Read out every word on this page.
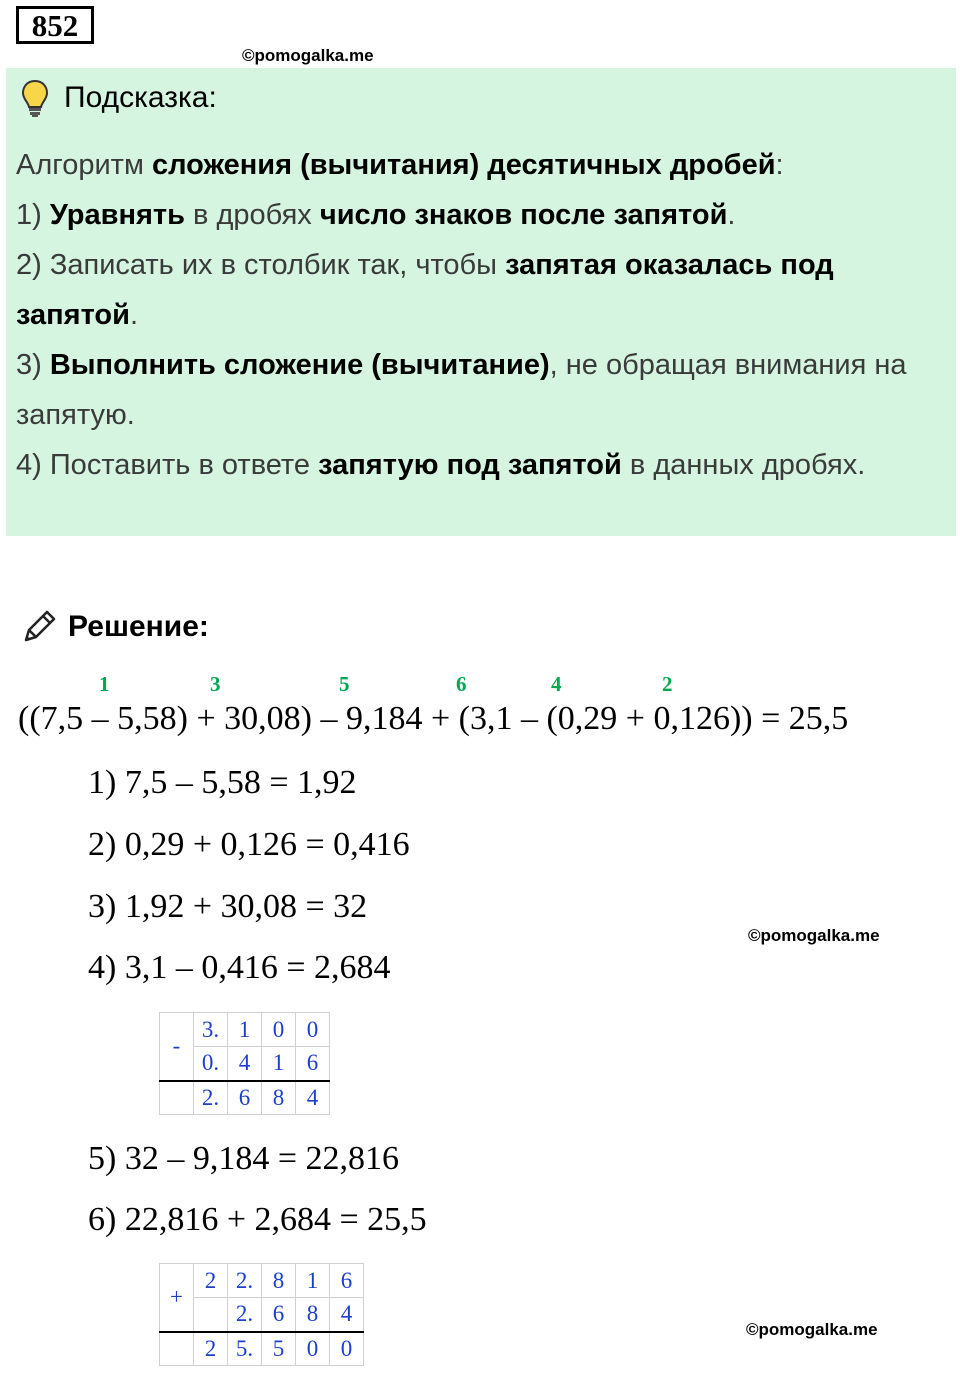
852
©pomogalka.me
Подсказка:

Алгоритм сложения (вычитания) десятичных дробей:

1) Уравнять в дробях число знаков после запятой.

2) Записать их в столбик так, чтобы запятая оказалась под запятой.

3) Выполнить сложение (вычитание), не обращая внимания на запятую.

4) Поставить в ответе запятую под запятой в данных дробях.

Решение:
1	3	5	6	4	2
((7,5 – 5,58) + 30,08) – 9,184 + (3,1 – (0,29 + 0,126)) = 25,5
1) 7,5 – 5,58 = 1,92
2) 0,29 + 0,126 = 0,416
3) 1,92 + 30,08 = 32
4) 3,1 – 0,416 = 2,684
©pomogalka.me
-	3.	1	0	0
	0.	4	1	6
	2.	6	8	4
5) 32 – 9,184 = 22,816
6) 22,816 + 2,684 = 25,5
+	2	2.	8	1	6
		2.	6	8	4
	2	5.	5	0	0
©pomogalka.me
